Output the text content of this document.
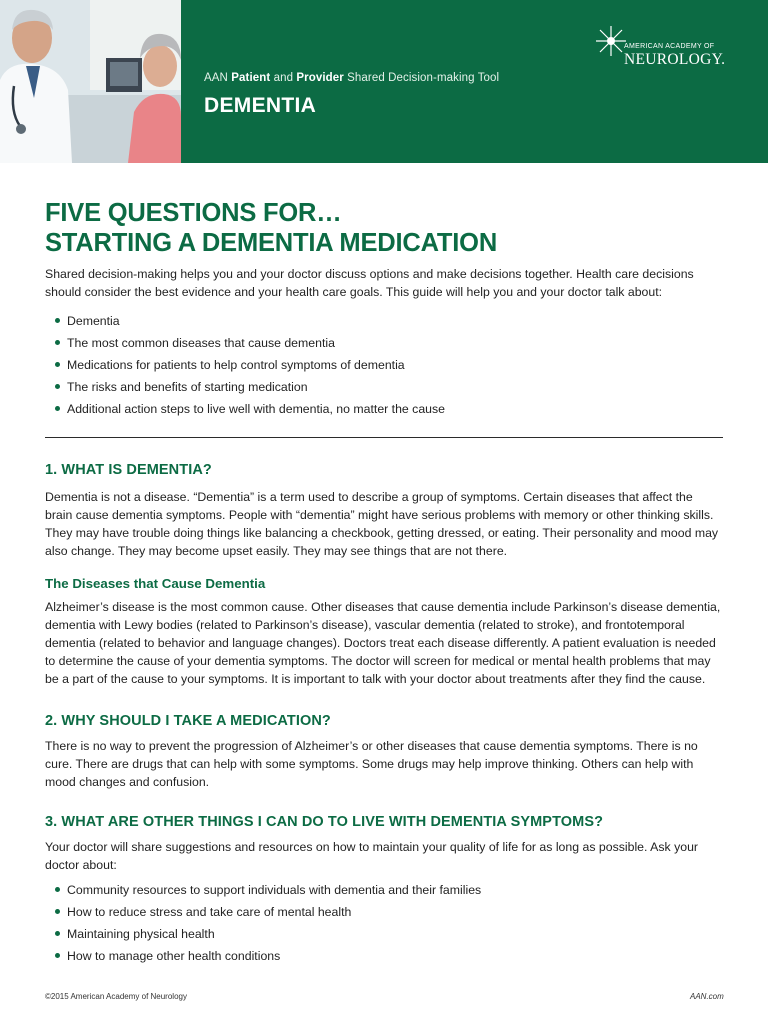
AAN Patient and Provider Shared Decision-making Tool
DEMENTIA
AMERICAN ACADEMY OF
NEUROLOGY.
FIVE QUESTIONS FOR…
STARTING A DEMENTIA MEDICATION

Shared decision-making helps you and your doctor discuss options and make decisions together. Health care decisions should consider the best evidence and your health care goals. This guide will help you and your doctor talk about:

Dementia
The most common diseases that cause dementia
Medications for patients to help control symptoms of dementia
The risks and benefits of starting medication
Additional action steps to live well with dementia, no matter the cause
1. WHAT IS DEMENTIA?

Dementia is not a disease. “Dementia” is a term used to describe a group of symptoms. Certain diseases that affect the brain cause dementia symptoms. People with “dementia” might have serious problems with memory or other thinking skills. They may have trouble doing things like balancing a checkbook, getting dressed, or eating. Their personality and mood may also change. They may become upset easily. They may see things that are not there.

The Diseases that Cause Dementia

Alzheimer’s disease is the most common cause. Other diseases that cause dementia include Parkinson’s disease dementia, dementia with Lewy bodies (related to Parkinson’s disease), vascular dementia (related to stroke), and frontotemporal dementia (related to behavior and language changes). Doctors treat each disease differently. A patient evaluation is needed to determine the cause of your dementia symptoms. The doctor will screen for medical or mental health problems that may be a part of the cause to your symptoms. It is important to talk with your doctor about treatments after they find the cause.

2. WHY SHOULD I TAKE A MEDICATION?

There is no way to prevent the progression of Alzheimer’s or other diseases that cause dementia symptoms. There is no cure. There are drugs that can help with some symptoms. Some drugs may help improve thinking. Others can help with mood changes and confusion.

3. WHAT ARE OTHER THINGS I CAN DO TO LIVE WITH DEMENTIA SYMPTOMS?

Your doctor will share suggestions and resources on how to maintain your quality of life for as long as possible. Ask your doctor about:

Community resources to support individuals with dementia and their families
How to reduce stress and take care of mental health
Maintaining physical health
How to manage other health conditions
©2015 American Academy of Neurology	AAN.com
